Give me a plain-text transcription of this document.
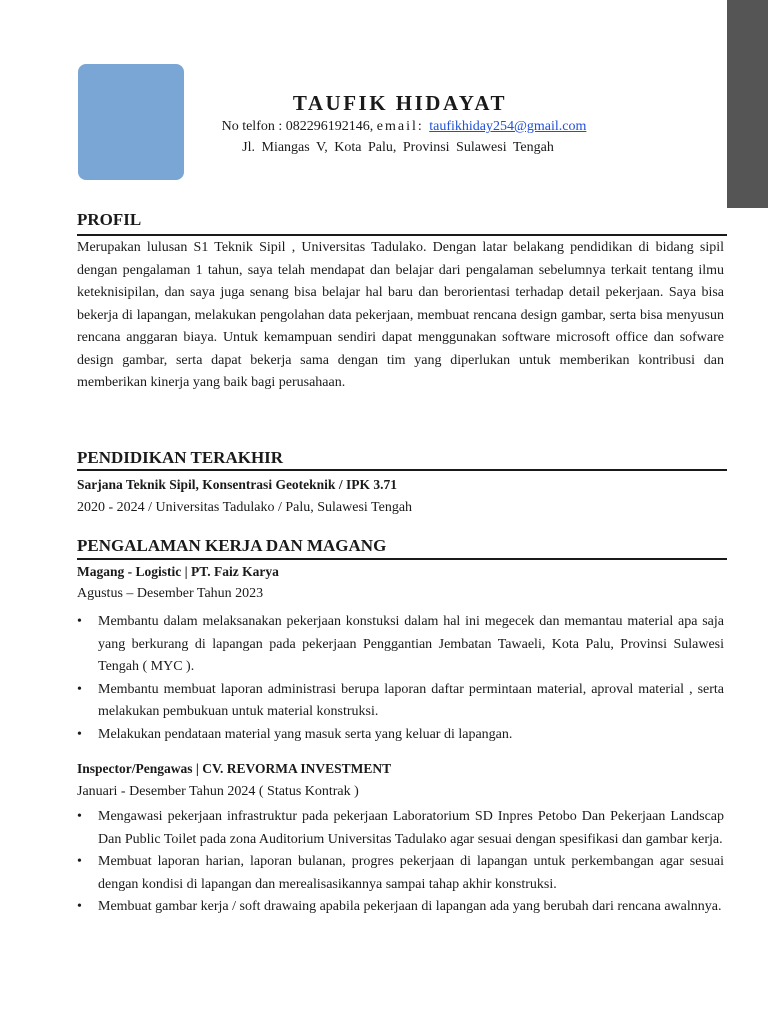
TAUFIK HIDAYAT
No telfon : 082296192146, email: taufikhiday254@gmail.com
Jl. Miangas V, Kota Palu, Provinsi Sulawesi Tengah
PROFIL
Merupakan lulusan S1 Teknik Sipil , Universitas Tadulako. Dengan latar belakang pendidikan di bidang sipil dengan pengalaman 1 tahun, saya telah mendapat dan belajar dari pengalaman sebelumnya terkait tentang ilmu keteknisipilan, dan saya juga senang bisa belajar hal baru dan berorientasi terhadap detail pekerjaan. Saya bisa bekerja di lapangan, melakukan pengolahan data pekerjaan, membuat rencana design gambar, serta bisa menyusun rencana anggaran biaya. Untuk kemampuan sendiri dapat menggunakan software microsoft office dan sofware design gambar, serta dapat bekerja sama dengan tim yang diperlukan untuk memberikan kontribusi dan memberikan kinerja yang baik bagi perusahaan.
PENDIDIKAN TERAKHIR
Sarjana Teknik Sipil, Konsentrasi Geoteknik / IPK 3.71
2020 - 2024 / Universitas Tadulako / Palu, Sulawesi Tengah
PENGALAMAN KERJA DAN MAGANG
Magang - Logistic | PT. Faiz Karya
Agustus – Desember Tahun 2023
• Membantu dalam melaksanakan pekerjaan konstuksi dalam hal ini megecek dan memantau material apa saja yang berkurang di lapangan pada pekerjaan Penggantian Jembatan Tawaeli, Kota Palu, Provinsi Sulawesi Tengah ( MYC ).
• Membantu membuat laporan administrasi berupa laporan daftar permintaan material, aproval material , serta melakukan pembukuan untuk material konstruksi.
• Melakukan pendataan material yang masuk serta yang keluar di lapangan.
Inspector/Pengawas | CV. REVORMA INVESTMENT
Januari - Desember Tahun 2024 ( Status Kontrak )
• Mengawasi pekerjaan infrastruktur pada pekerjaan Laboratorium SD Inpres Petobo Dan Pekerjaan Landscap Dan Public Toilet pada zona Auditorium Universitas Tadulako agar sesuai dengan spesifikasi dan gambar kerja.
• Membuat laporan harian, laporan bulanan, progres pekerjaan di lapangan untuk perkembangan agar sesuai dengan kondisi di lapangan dan merealisasikannya sampai tahap akhir konstruksi.
• Membuat gambar kerja / soft drawaing apabila pekerjaan di lapangan ada yang berubah dari rencana awalnnya.
